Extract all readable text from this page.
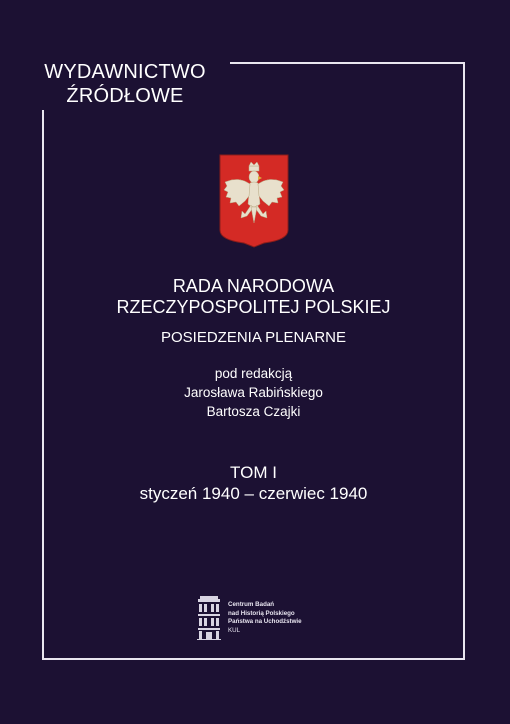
WYDAWNICTWO
ŹRÓDŁOWE
RADA NARODOWA
RZECZYPOSPOLITEJ POLSKIEJ
POSIEDZENIA PLENARNE
pod redakcją
Jarosława Rabińskiego
Bartosza Czajki
TOM I
styczeń 1940 – czerwiec 1940
Centrum Badań
nad Historią Polskiego
Państwa na Uchodźstwie
KUL
